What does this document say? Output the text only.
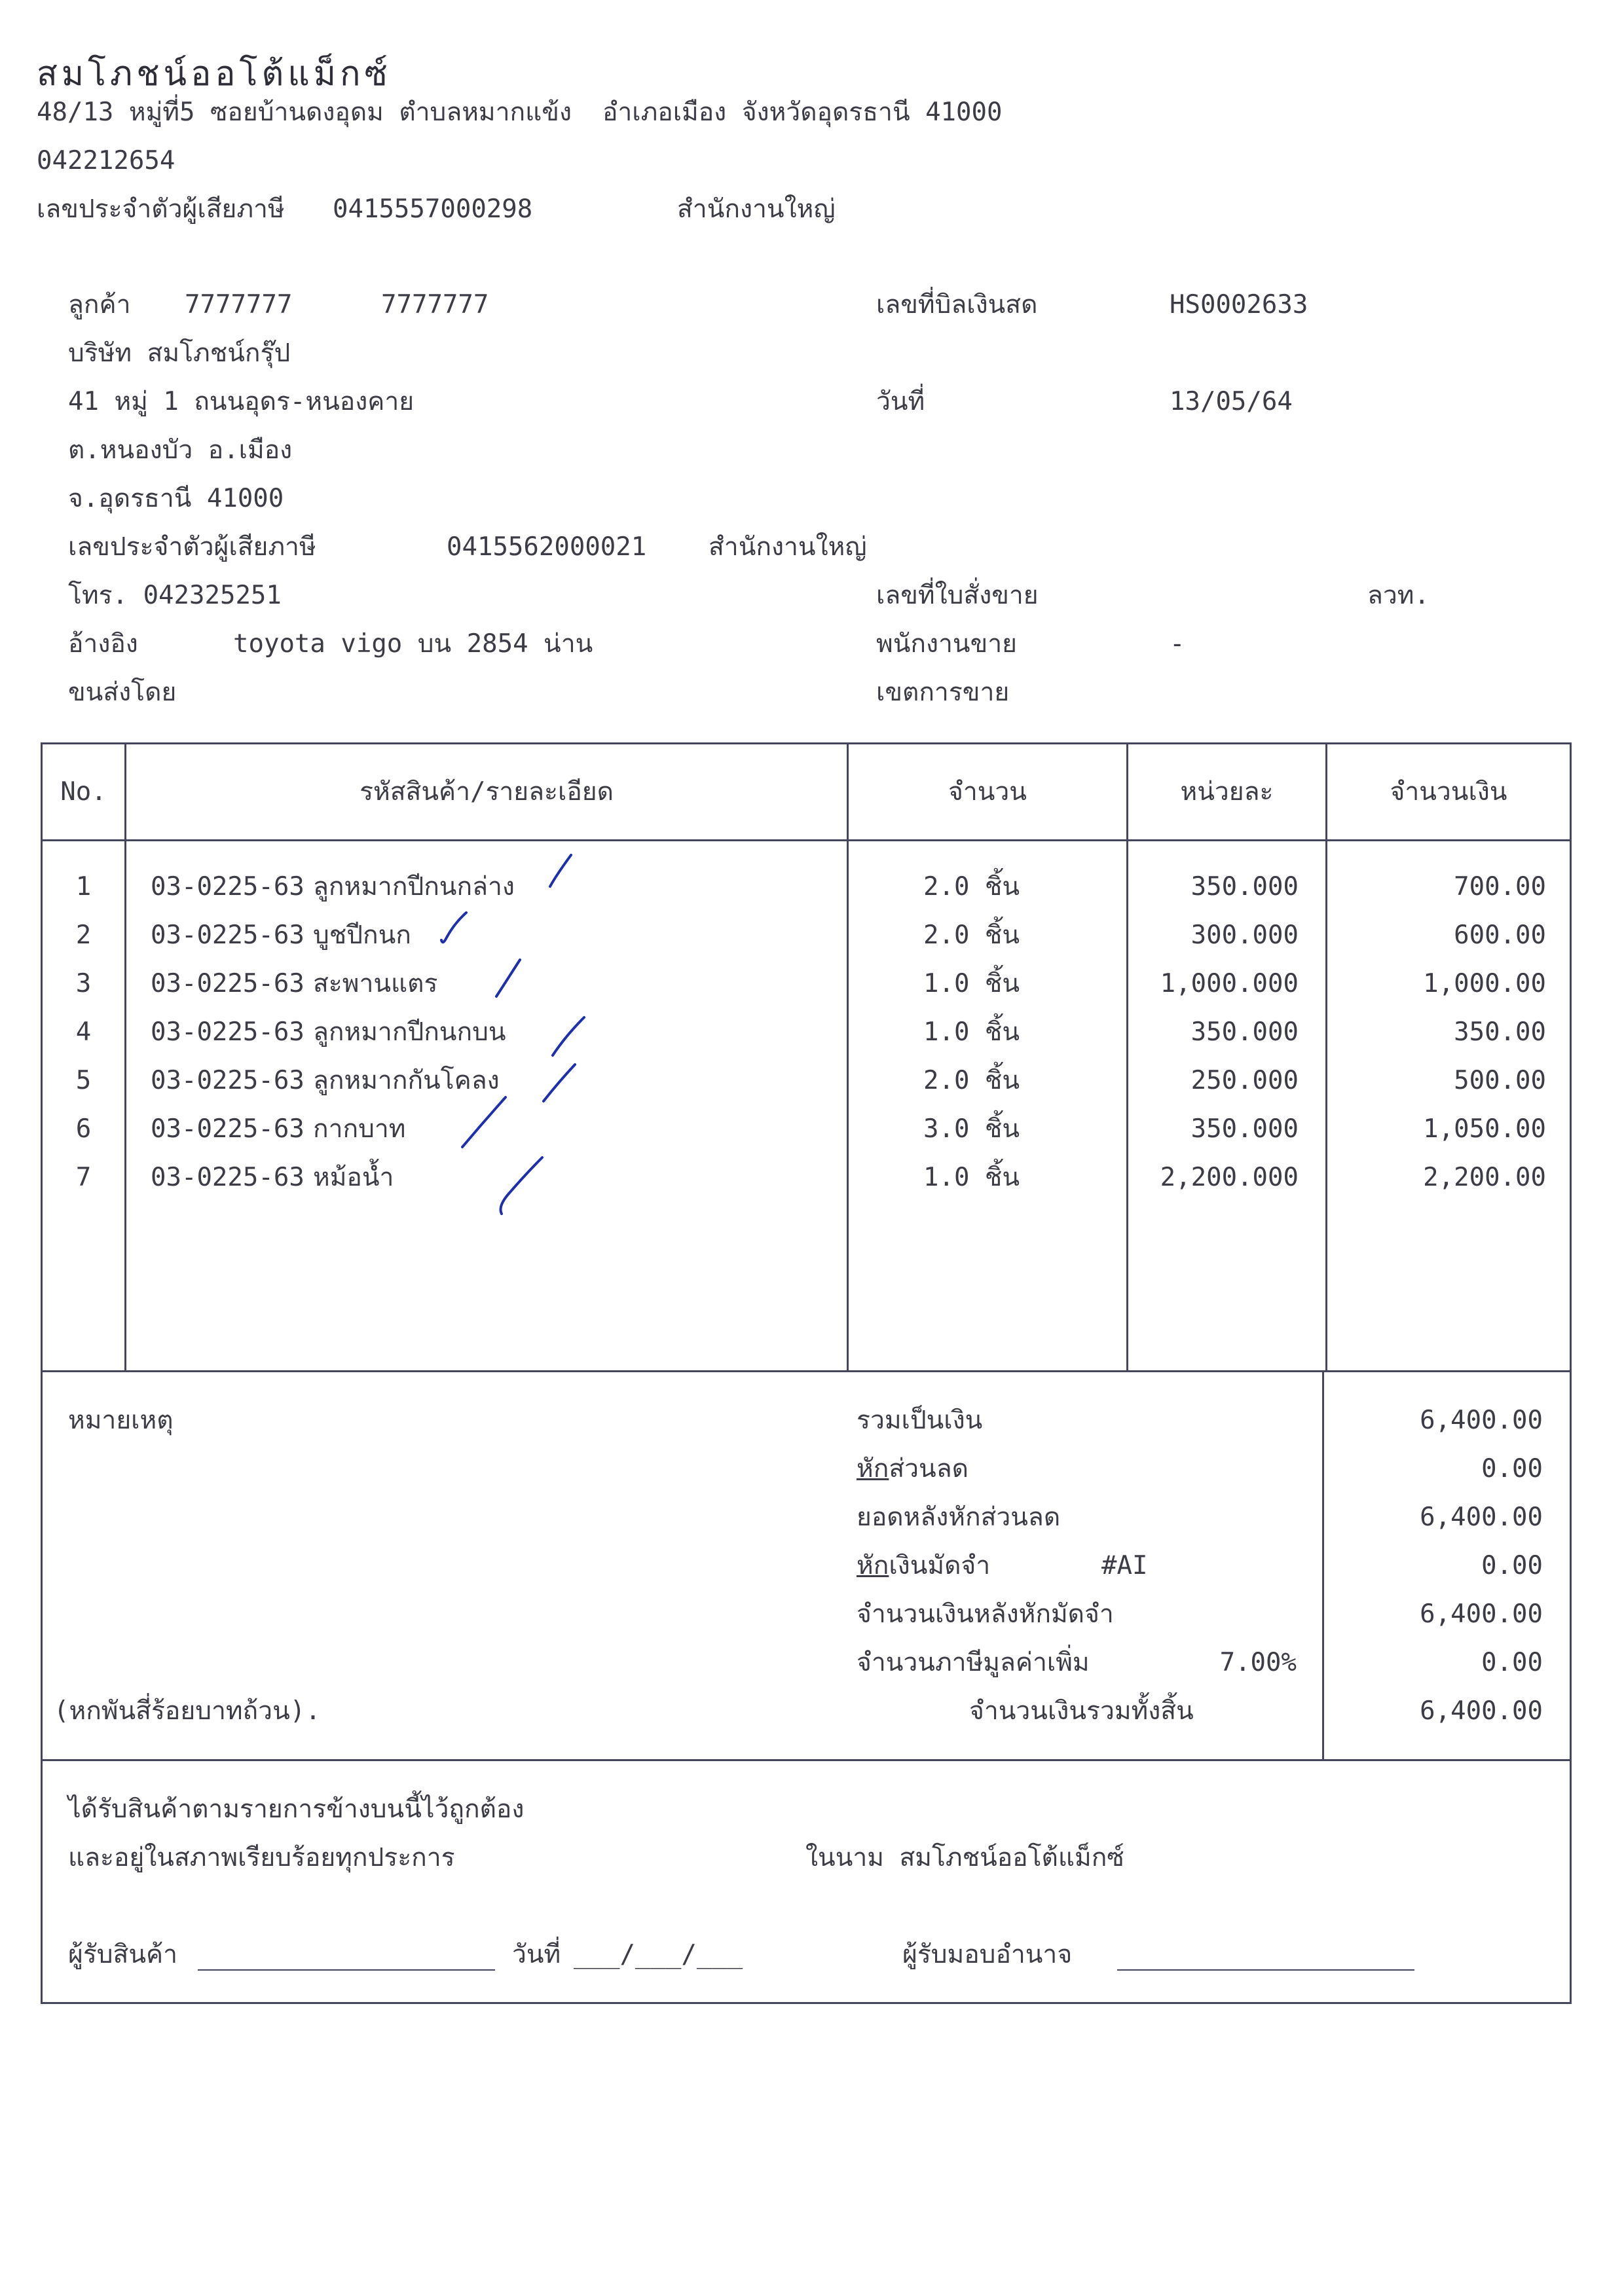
สมโภชน์ออโต้แม็กซ์
48/13 หมู่ที่5 ซอยบ้านดงอุดม ตำบลหมากแข้ง  อำเภอเมือง จังหวัดอุดรธานี 41000
042212654
เลขประจำตัวผู้เสียภาษี 0415557000298	สำนักงานใหญ่
ลูกค้า 7777777	7777777
บริษัท สมโภชน์กรุ๊ป
41 หมู่ 1 ถนนอุดร-หนองคาย
ต.หนองบัว อ.เมือง
จ.อุดรธานี 41000
เลขประจำตัวผู้เสียภาษี	0415562000021 สำนักงานใหญ่
โทร. 042325251
อ้างอิง	toyota vigo บน 2854 น่าน
ขนส่งโดย
เลขที่บิลเงินสด	HS0002633
วันที่	13/05/64
เลขที่ใบสั่งขาย	ลวท.
พนักงานขาย	-
เขตการขาย
No.	รหัสสินค้า/รายละเอียด	จำนวน	หน่วยละ	จำนวนเงิน
1	03-0225-63 ลูกหมากปีกนกล่าง	2.0 ชิ้น	350.000	700.00
2	03-0225-63 บูชปีกนก	2.0 ชิ้น	300.000	600.00
3	03-0225-63 สะพานแตร	1.0 ชิ้น	1,000.000	1,000.00
4	03-0225-63 ลูกหมากปีกนกบน	1.0 ชิ้น	350.000	350.00
5	03-0225-63 ลูกหมากกันโคลง	2.0 ชิ้น	250.000	500.00
6	03-0225-63 กากบาท	3.0 ชิ้น	350.000	1,050.00
7	03-0225-63 หม้อน้ำ	1.0 ชิ้น	2,200.000	2,200.00
หมายเหตุ
(หกพันสี่ร้อยบาทถ้วน).
รวมเป็นเงิน	6,400.00
หักส่วนลด	0.00
ยอดหลังหักส่วนลด	6,400.00
หักเงินมัดจำ	#AI	0.00
จำนวนเงินหลังหักมัดจำ	6,400.00
จำนวนภาษีมูลค่าเพิ่ม	7.00%	0.00
จำนวนเงินรวมทั้งสิ้น	6,400.00
ได้รับสินค้าตามรายการข้างบนนี้ไว้ถูกต้อง
และอยู่ในสภาพเรียบร้อยทุกประการ	ในนาม สมโภชน์ออโต้แม็กซ์
ผู้รับสินค้า	วันที่ ___/___/___	ผู้รับมอบอำนาจ
